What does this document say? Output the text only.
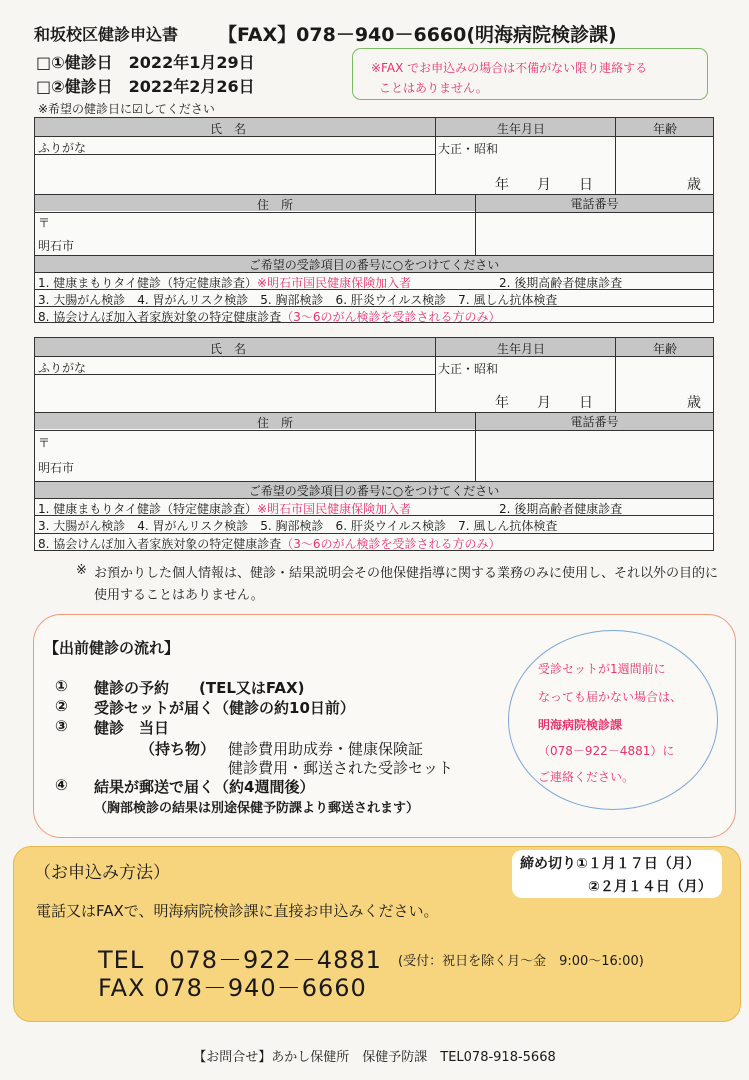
和坂校区健診申込書 【FAX】078－940－6660(明海病院検診課)
□①健診日　2022年1月29日
□②健診日　2022年2月26日
※希望の健診日に☑してください
※FAX でお申込みの場合は不備がない限り連絡する
ことはありません。
氏　名	生年月日	年齢
ふりがな	大正・昭和
年　　月　　日	歳
住　所	電話番号
〒
明石市
ご希望の受診項目の番号に○をつけてください
1. 健康まもりタイ健診（特定健康診査）※明石市国民健康保険加入者	2. 後期高齢者健康診査
3. 大腸がん検診　4. 胃がんリスク検診　5. 胸部検診　6. 肝炎ウイルス検診　7. 風しん抗体検査
8. 協会けんぽ加入者家族対象の特定健康診査（3～6のがん検診を受診される方のみ）
氏　名	生年月日	年齢
ふりがな	大正・昭和
年　　月　　日	歳
住　所	電話番号
〒
明石市
ご希望の受診項目の番号に○をつけてください
1. 健康まもりタイ健診（特定健康診査）※明石市国民健康保険加入者	2. 後期高齢者健康診査
3. 大腸がん検診　4. 胃がんリスク検診　5. 胸部検診　6. 肝炎ウイルス検診　7. 風しん抗体検査
8. 協会けんぽ加入者家族対象の特定健康診査（3～6のがん検診を受診される方のみ）
※ お預かりした個人情報は、健診・結果説明会その他保健指導に関する業務のみに使用し、それ以外の目的に使用することはありません。
【出前健診の流れ】
① 健診の予約　　(TEL又はFAX)
② 受診セットが届く（健診の約10日前）
③ 健診　当日
（持ち物） 健診費用助成券・健康保険証
健診費用・郵送された受診セット
④ 結果が郵送で届く（約4週間後）
（胸部検診の結果は別途保健予防課より郵送されます）
受診セットが1週間前に
なっても届かない場合は、
明海病院検診課
（078－922－4881）に
ご連絡ください。
（お申込み方法）	締め切り①１月１７日（月）
②２月１４日（月）
電話又はFAXで、明海病院検診課に直接お申込みください。
TEL　078－922－4881 (受付：祝日を除く月～金　9:00～16:00)
FAX 078－940－6660
【お問合せ】あかし保健所　保健予防課　TEL078-918-5668
